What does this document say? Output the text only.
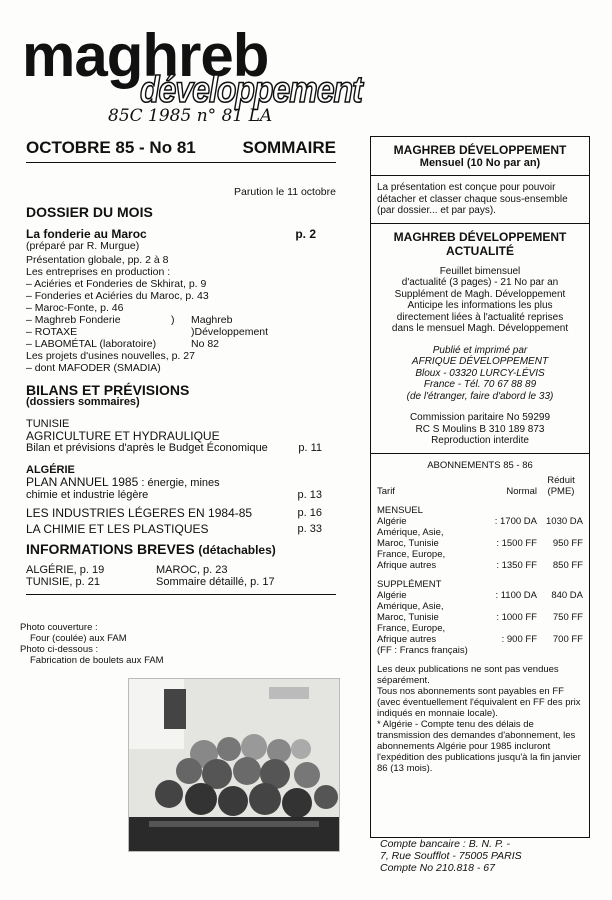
maghreb
développement
85C 1985 n° 81 LA
OCTOBRE 85 - No 81	SOMMAIRE
Parution le 11 octobre
DOSSIER DU MOIS
La fonderie au Maroc	p. 2
(préparé par R. Murgue)
Présentation globale, pp. 2 à 8
Les entreprises en production :
– Aciéries et Fonderies de Skhirat, p. 9
– Fonderies et Aciéries du Maroc, p. 43
– Maroc-Fonte, p. 46
– Maghreb Fonderie
– ROTAXE
– LABOMÉTAL (laboratoire)
)	Maghreb
)Développement
No 82
Les projets d'usines nouvelles, p. 27
– dont MAFODER (SMADIA)
BILANS ET PRÉVISIONS
(dossiers sommaires)
TUNISIE
AGRICULTURE ET HYDRAULIQUE
Bilan et prévisions d'après le Budget Économique	p. 11
ALGÉRIE
PLAN ANNUEL 1985 : énergie, mines
chimie et industrie légère	p. 13
LES INDUSTRIES LÉGERES EN 1984-85	p. 16
LA CHIMIE ET LES PLASTIQUES	p. 33
INFORMATIONS BREVES (détachables)
ALGÉRIE, p. 19	MAROC, p. 23
TUNISIE, p. 21	Sommaire détaillé, p. 17
Photo couverture :
Four (coulée) aux FAM
Photo ci-dessous :
Fabrication de boulets aux FAM
MAGHREB DÉVELOPPEMENT
Mensuel (10 No par an)
La présentation est conçue pour pouvoir détacher et classer chaque sous-ensemble (par dossier... et par pays).
MAGHREB DÉVELOPPEMENT
ACTUALITÉ
Feuillet bimensuel
d'actualité (3 pages) - 21 No par an
Supplément de Magh. Développement
Anticipe les informations les plus
directement liées à l'actualité reprises
dans le mensuel Magh. Développement
Publié et imprimé par
AFRIQUE DÉVELOPPEMENT
Bloux - 03320 LURCY-LÉVIS
France - Tél. 70 67 88 89
(de l'étranger, faire d'abord le 33)
Commission paritaire No 59299
RC S Moulins B 310 189 873
Reproduction interdite
ABONNEMENTS 85 - 86
Tarif	Normal	Réduit (PME)
MENSUEL		
Algérie	: 1700 DA	1030 DA
Amérique, Asie, Maroc, Tunisie	: 1500 FF	950 FF
France, Europe, Afrique autres	: 1350 FF	850 FF
SUPPLÉMENT		
Algérie	: 1100 DA	840 DA
Amérique, Asie, Maroc, Tunisie	: 1000 FF	750 FF
France, Europe, Afrique autres	: 900 FF	700 FF
(FF : Francs français)		
Les deux publications ne sont pas vendues séparément.
Tous nos abonnements sont payables en FF (avec éventuellement l'équivalent en FF des prix indiqués en monnaie locale).
* Algérie - Compte tenu des délais de transmission des demandes d'abonnement, les abonnements Algérie pour 1985 incluront l'expédition des publications jusqu'à la fin janvier 86 (13 mois).
Compte bancaire : B. N. P. -
7, Rue Soufflot - 75005 PARIS
Compte No 210.818 - 67
